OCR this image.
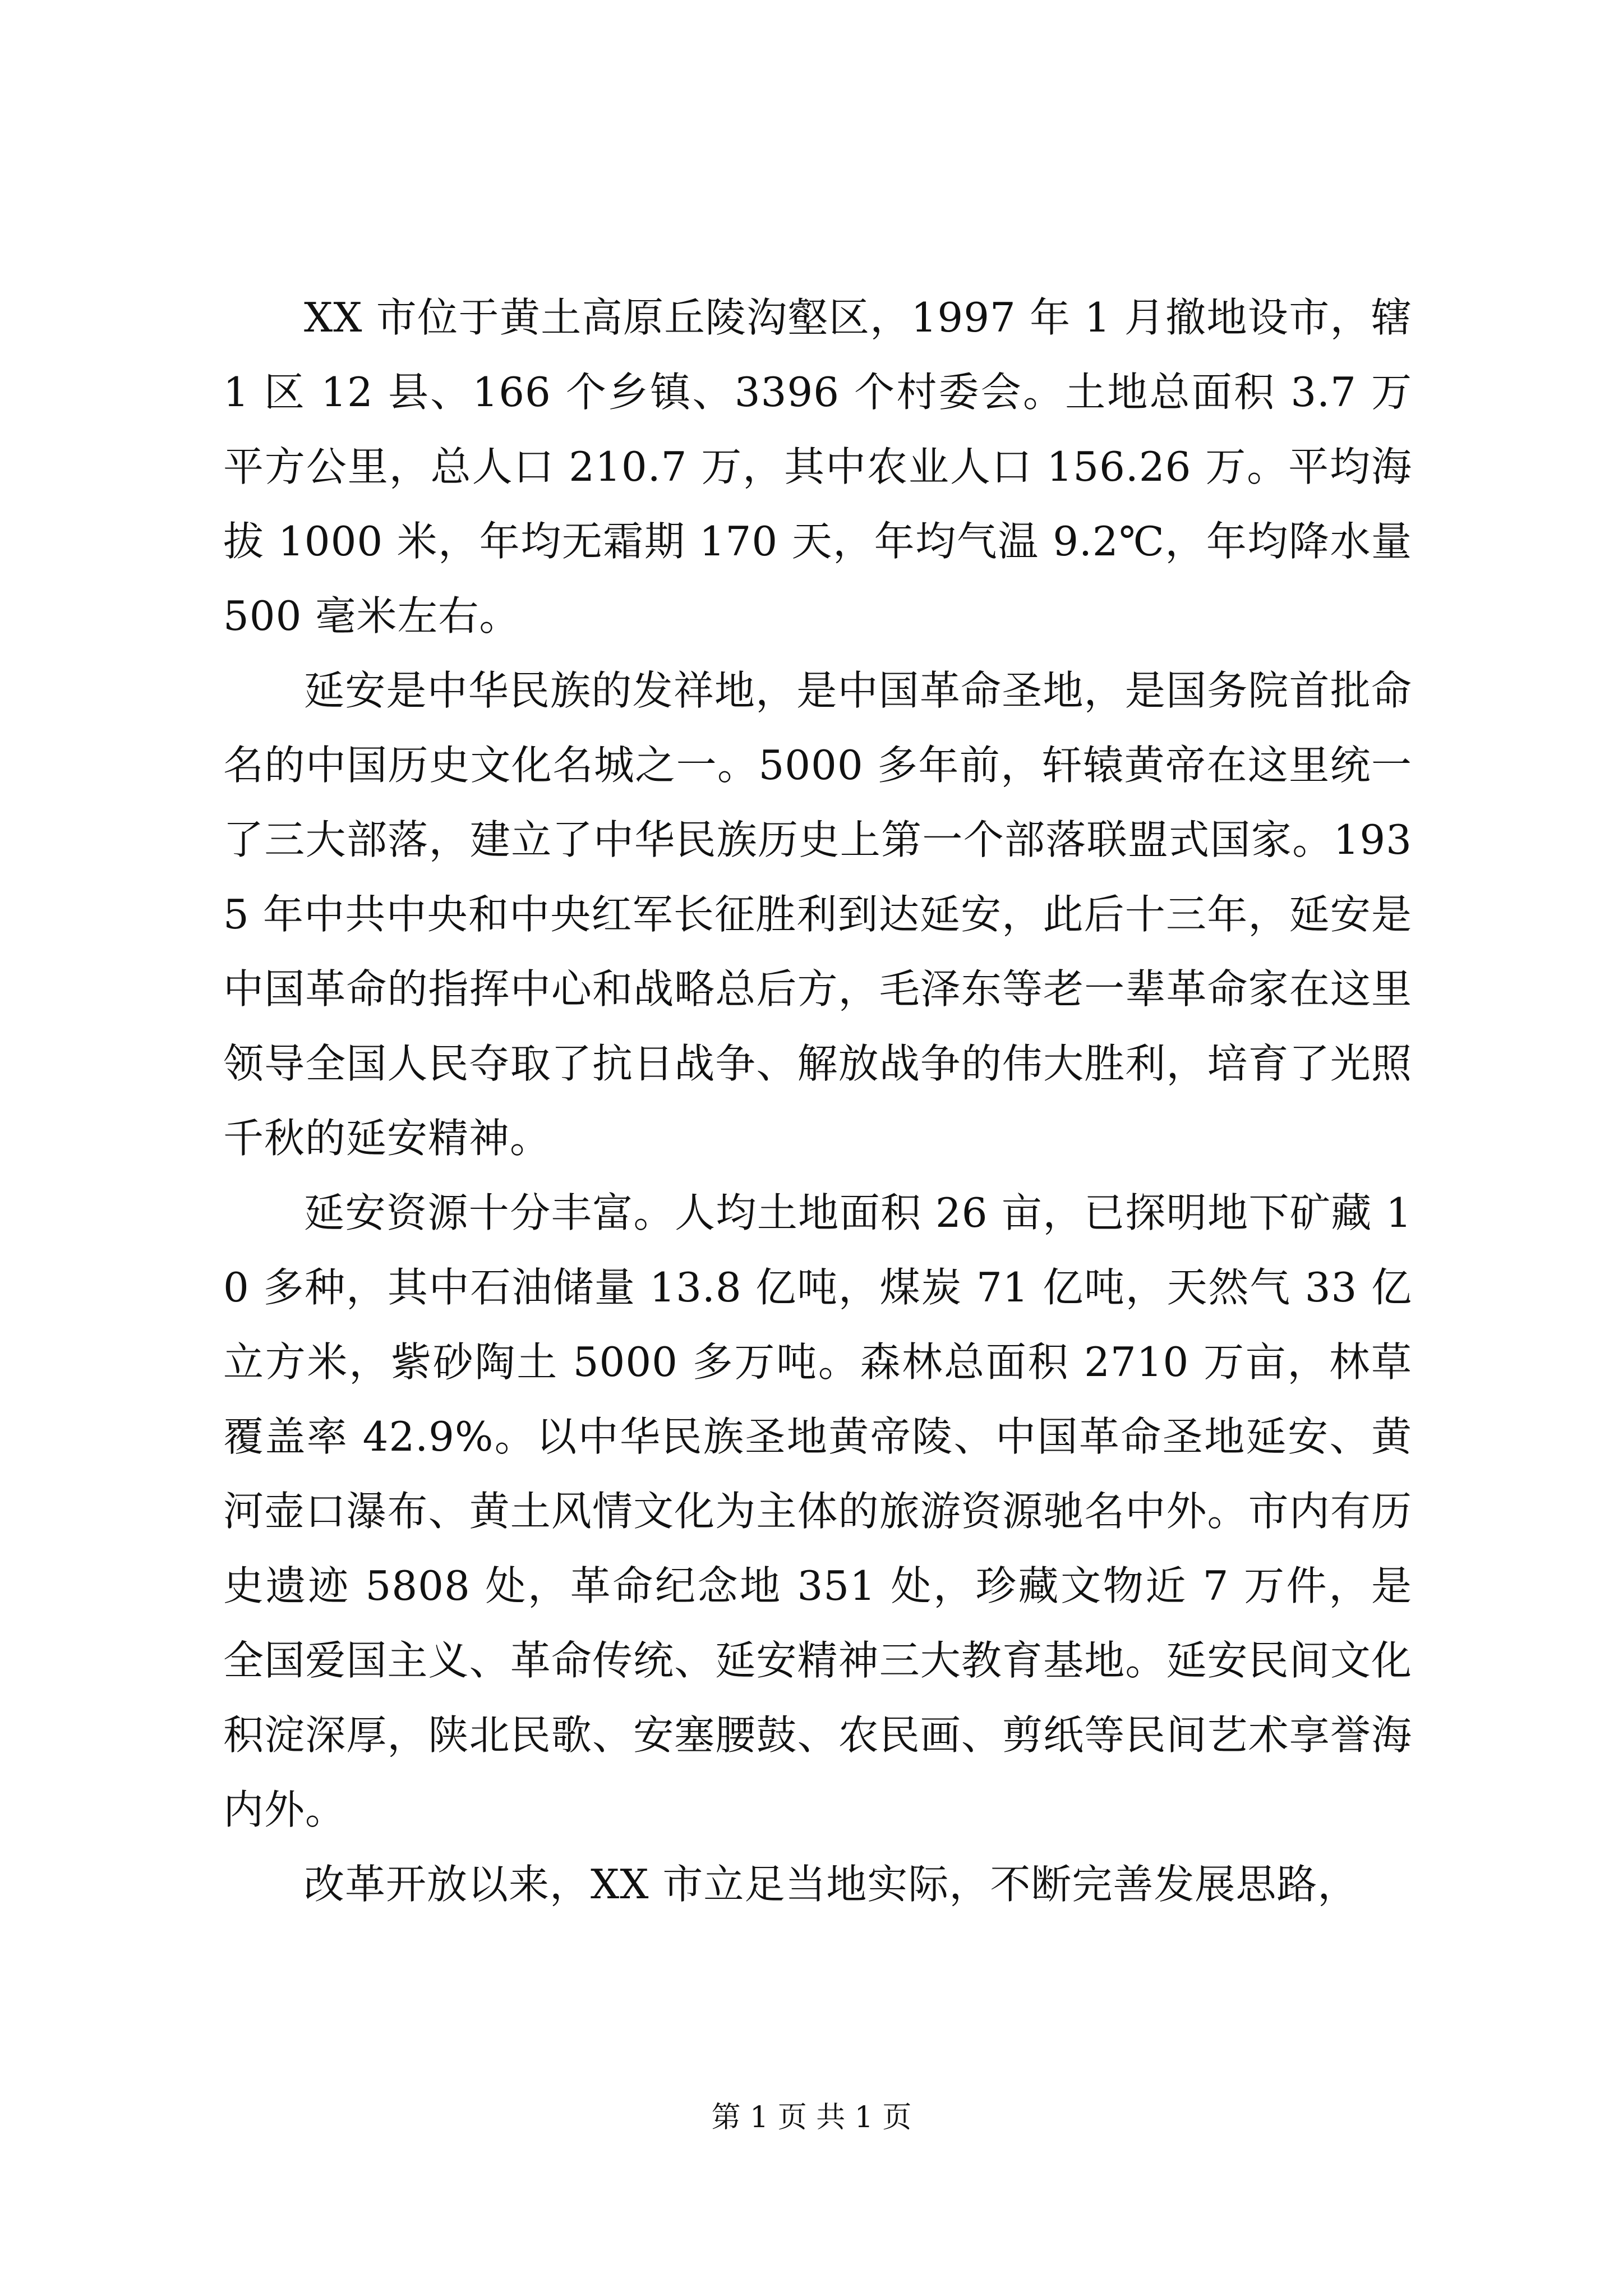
XX 市位于黄土高原丘陵沟壑区，1997 年 1 月撤地设市，辖 1 区 12 县、166 个乡镇、3396 个村委会。土地总面积 3.7 万平方公里，总人口 210.7 万，其中农业人口 156.26 万。平均海拔 1000 米，年均无霜期 170 天，年均气温 9.2℃，年均降水量 500 毫米左右。

延安是中华民族的发祥地，是中国革命圣地，是国务院首批命名的中国历史文化名城之一。5000 多年前，轩辕黄帝在这里统一了三大部落，建立了中华民族历史上第一个部落联盟式国家。1935 年中共中央和中央红军长征胜利到达延安，此后十三年，延安是中国革命的指挥中心和战略总后方，毛泽东等老一辈革命家在这里领导全国人民夺取了抗日战争、解放战争的伟大胜利，培育了光照千秋的延安精神。

延安资源十分丰富。人均土地面积 26 亩，已探明地下矿藏 10 多种，其中石油储量 13.8 亿吨，煤炭 71 亿吨，天然气 33 亿立方米，紫砂陶土 5000 多万吨。森林总面积 2710 万亩，林草覆盖率 42.9%。以中华民族圣地黄帝陵、中国革命圣地延安、黄河壶口瀑布、黄土风情文化为主体的旅游资源驰名中外。市内有历史遗迹 5808 处，革命纪念地 351 处，珍藏文物近 7 万件，是全国爱国主义、革命传统、延安精神三大教育基地。延安民间文化积淀深厚，陕北民歌、安塞腰鼓、农民画、剪纸等民间艺术享誉海内外。

改革开放以来，XX 市立足当地实际，不断完善发展思路，

第 1 页 共 1 页
